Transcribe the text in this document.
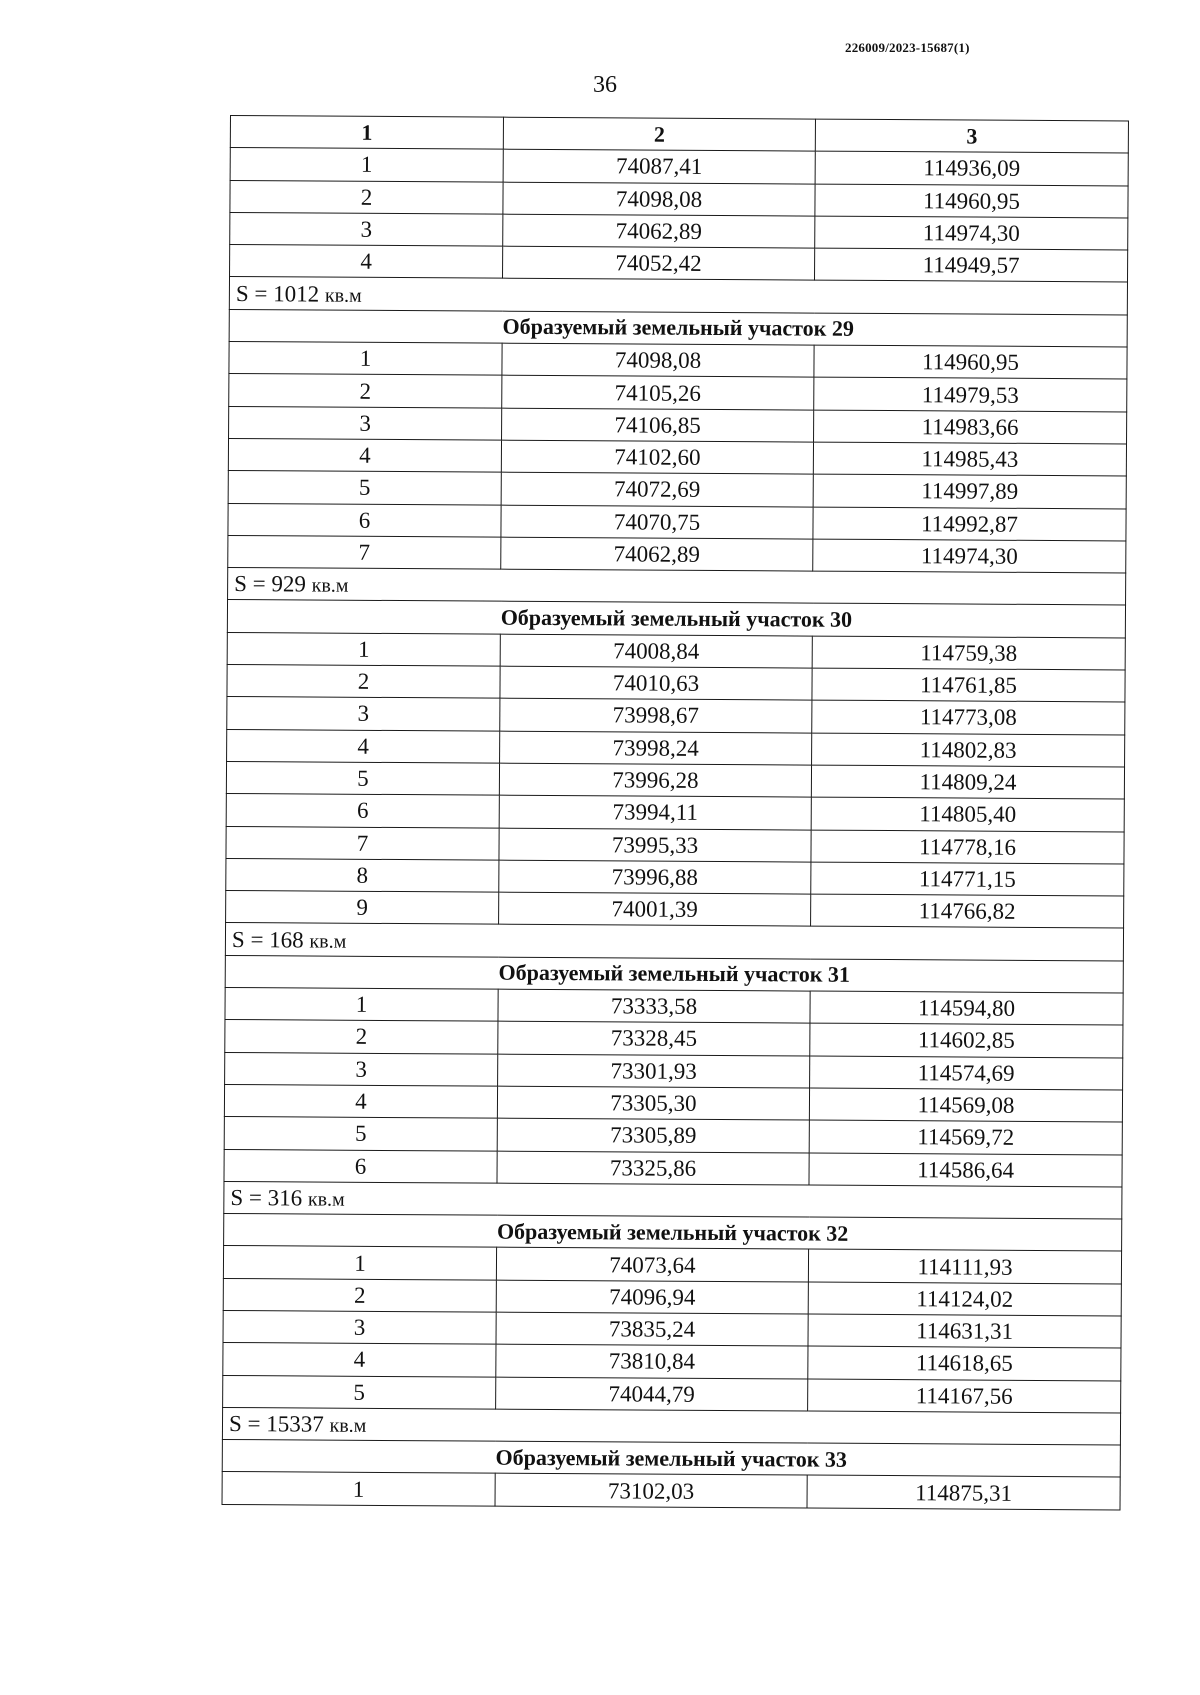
226009/2023-15687(1)
36
1	2	3
1	74087,41	114936,09
2	74098,08	114960,95
3	74062,89	114974,30
4	74052,42	114949,57
S = 1012 кв.м		
Образуемый земельный участок 29		
1	74098,08	114960,95
2	74105,26	114979,53
3	74106,85	114983,66
4	74102,60	114985,43
5	74072,69	114997,89
6	74070,75	114992,87
7	74062,89	114974,30
S = 929 кв.м		
Образуемый земельный участок 30		
1	74008,84	114759,38
2	74010,63	114761,85
3	73998,67	114773,08
4	73998,24	114802,83
5	73996,28	114809,24
6	73994,11	114805,40
7	73995,33	114778,16
8	73996,88	114771,15
9	74001,39	114766,82
S = 168 кв.м		
Образуемый земельный участок 31		
1	73333,58	114594,80
2	73328,45	114602,85
3	73301,93	114574,69
4	73305,30	114569,08
5	73305,89	114569,72
6	73325,86	114586,64
S = 316 кв.м		
Образуемый земельный участок 32		
1	74073,64	114111,93
2	74096,94	114124,02
3	73835,24	114631,31
4	73810,84	114618,65
5	74044,79	114167,56
S = 15337 кв.м		
Образуемый земельный участок 33		
1	73102,03	114875,31
